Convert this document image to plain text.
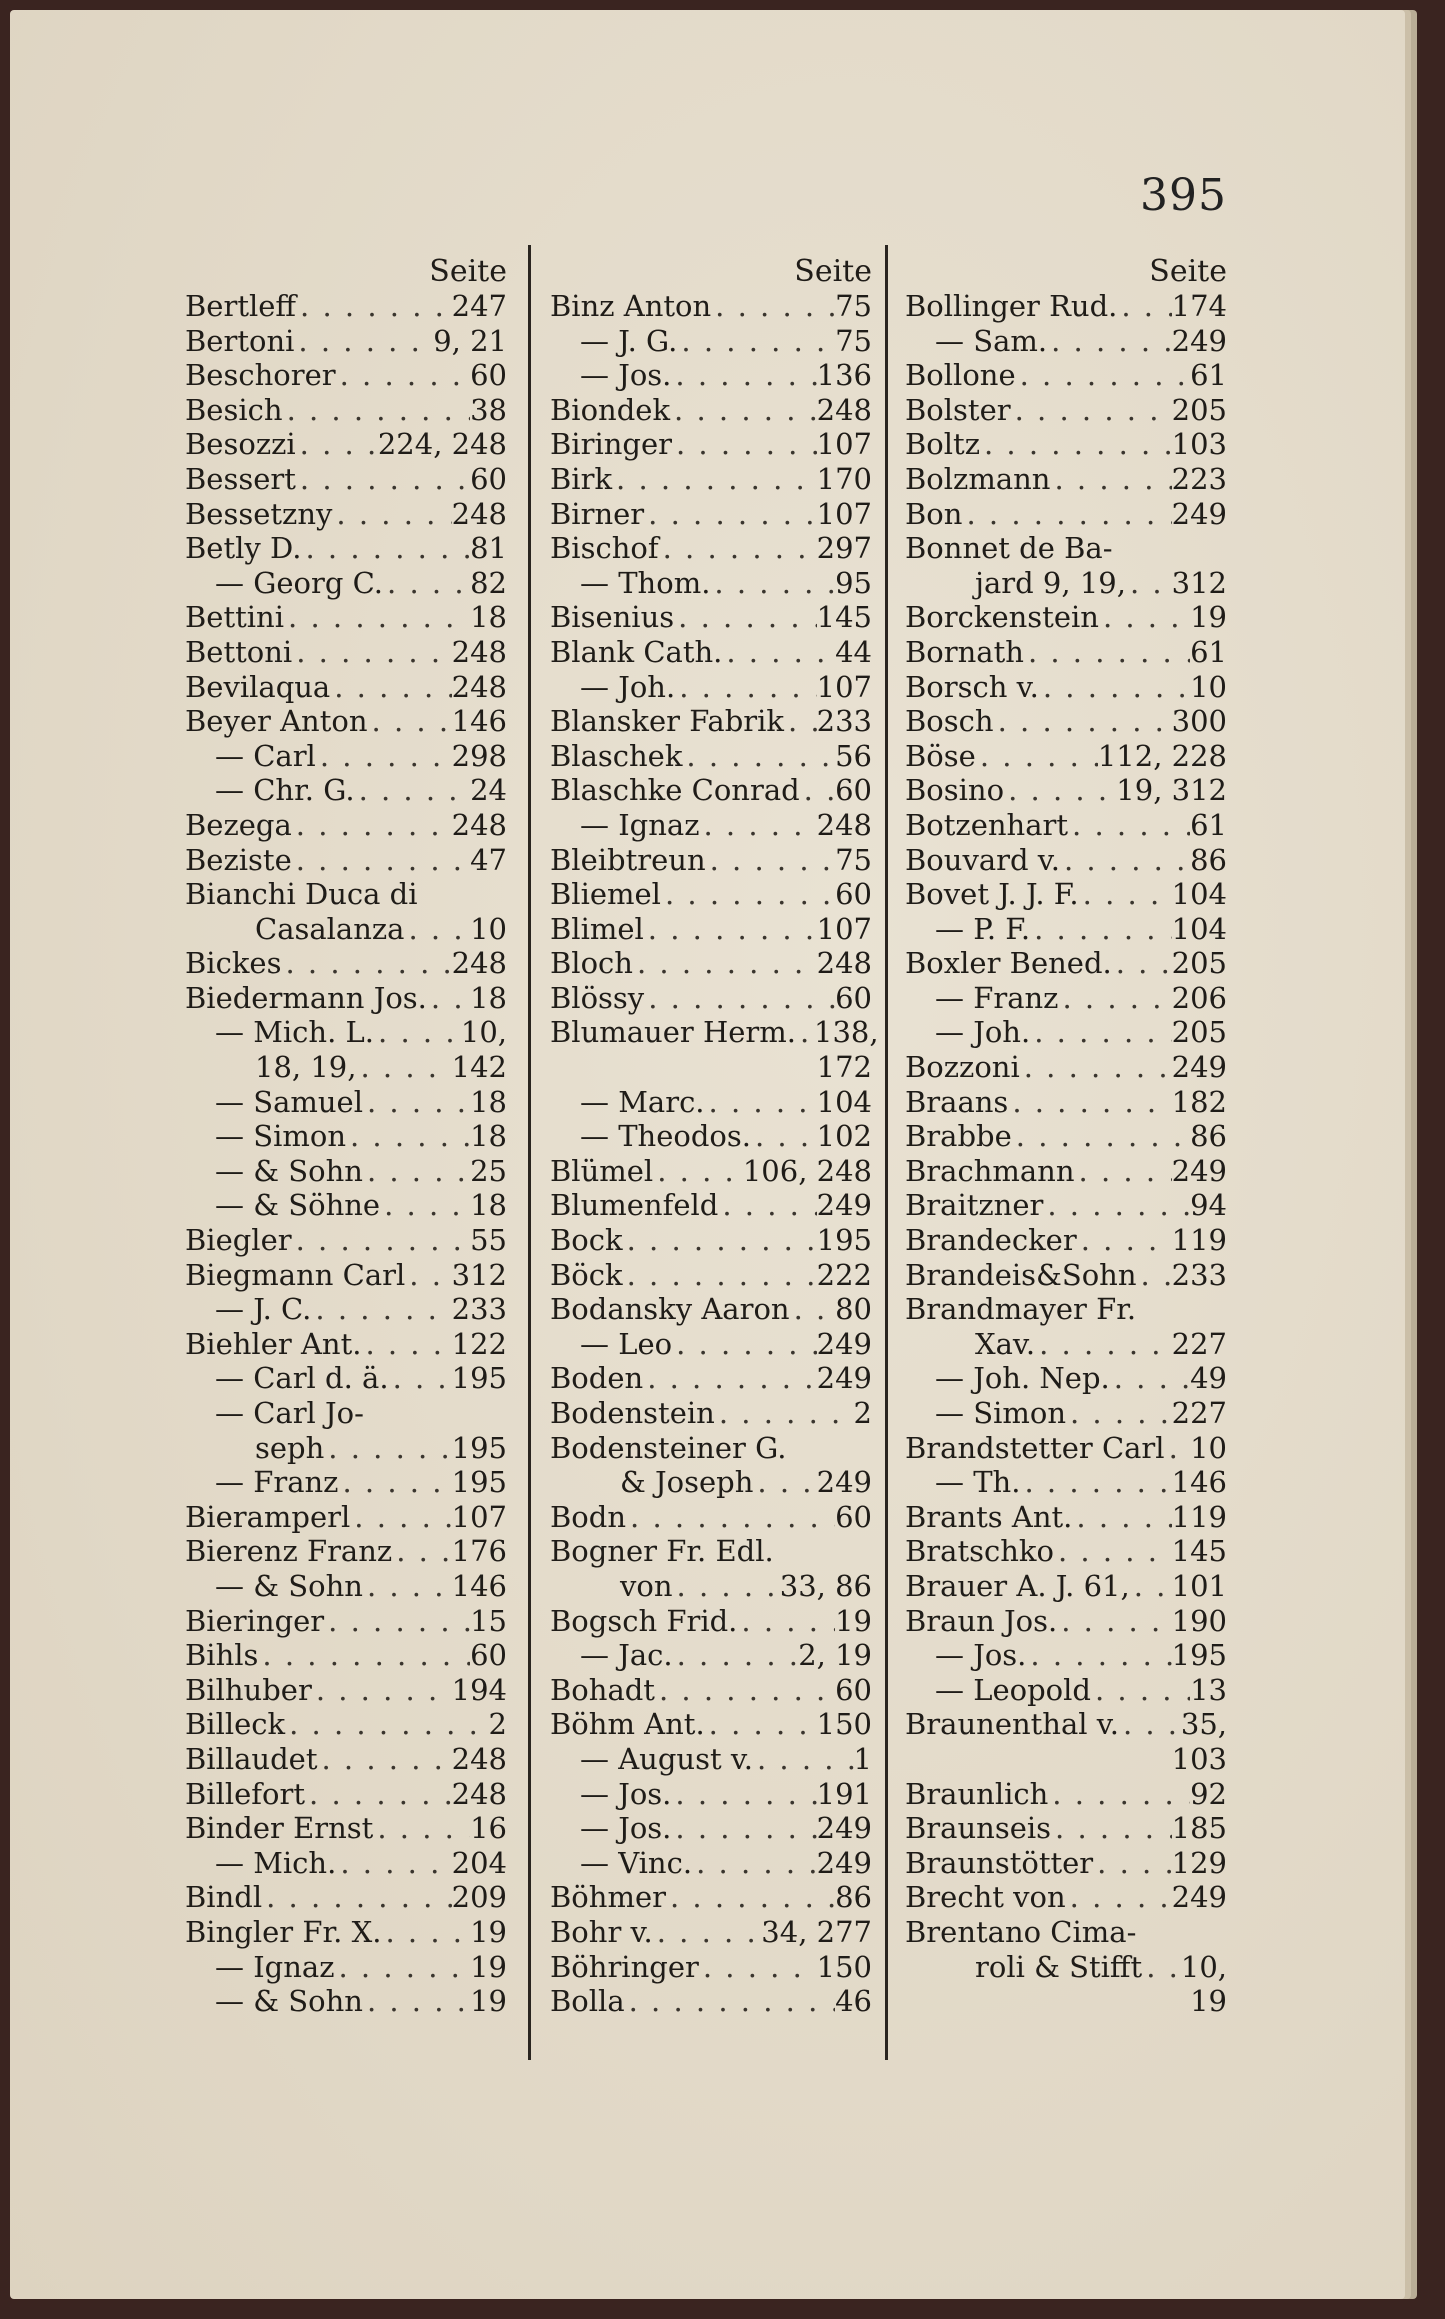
395
Seite
Bertleff . . .	247
Bertoni . . .	9, 21
Beschorer . . .	60
Besich . . .	38
Besozzi . . .	224, 248
Bessert . . .	60
Bessetzny . . .	248
Betly D. . . .	81
— Georg C. . . .	82
Bettini . . .	18
Bettoni . . .	248
Bevilaqua . . .	248
Beyer Anton . . .	146
— Carl . . .	298
— Chr. G. . . .	24
Bezega . . .	248
Beziste . . .	47
Bianchi Duca di
Casalanza . . . 10
Bickes . . .	248
Biedermann Jos. . . . 18
— Mich. L. . . .	10,
18, 19, . . .	142
— Samuel . . .	18
— Simon . . .	18
— & Sohn . . .	25
— & Söhne . . .	18
Biegler . . .	55
Biegmann Carl . . . 312
— J. C. . . .	233
Biehler Ant. . . .	122
— Carl d. ä. . . . 195
— Carl Jo-
seph . . .	195
— Franz . . .	195
Bieramperl . . .	107
Bierenz Franz . . . 176
— & Sohn . . .	146
Bieringer . . .	15
Bihls . . .	60
Bilhuber . . .	194
Billeck . . .	2
Billaudet . . .	248
Billefort . . .	248
Binder Ernst . . .	16
— Mich. . . .	204
Bindl . . .	209
Bingler Fr. X. . . .	19
— Ignaz . . .	19
— & Sohn . . .	19
Seite
Binz Anton . . .	75
— J. G. . . .	75
— Jos. . . .	136
Biondek . . .	248
Biringer . . .	107
Birk . . .	170
Birner . . .	107
Bischof . . .	297
— Thom. . . .	95
Bisenius . . .	145
Blank Cath. . . .	44
— Joh. . . .	107
Blansker Fabrik . . . 233
Blaschek . . .	56
Blaschke Conrad . . . 60
— Ignaz . . .	248
Bleibtreun . . .	75
Bliemel . . .	60
Blimel . . .	107
Bloch . . .	248
Blössy . . .	60
Blumauer Herm. . . . 138,
172
— Marc. . . .	104
— Theodos. . . . 102
Blümel . . .	106, 248
Blumenfeld . . .	249
Bock . . .	195
Böck . . .	222
Bodansky Aaron . . . 80
— Leo . . .	249
Boden . . .	249
Bodenstein . . .	2
Bodensteiner G.
& Joseph . . . 249
Bodn . . .	60
Bogner Fr. Edl.
von . . .	33, 86
Bogsch Frid. . . .	19
— Jac. . . .	2, 19
Bohadt . . .	60
Böhm Ant. . . .	150
— August v. . . .	1
— Jos. . . .	191
— Jos. . . .	249
— Vinc. . . .	249
Böhmer . . .	86
Bohr v. . . .	34, 277
Böhringer . . .	150
Bolla . . .	46
Seite
Bollinger Rud. . . . 174
— Sam. . . .	249
Bollone . . .	61
Bolster . . .	205
Boltz . . .	103
Bolzmann . . .	223
Bon . . .	249
Bonnet de Ba-
jard 9, 19, . . . 312
Borckenstein . . .	19
Bornath . . .	61
Borsch v. . . .	10
Bosch . . .	300
Böse . . .	112, 228
Bosino . . .	19, 312
Botzenhart . . .	61
Bouvard v. . . .	86
Bovet J. J. F. . . .	104
— P. F. . . .	104
Boxler Bened. . . . 205
— Franz . . .	206
— Joh. . . .	205
Bozzoni . . .	249
Braans . . .	182
Brabbe . . .	86
Brachmann . . .	249
Braitzner . . .	94
Brandecker . . .	119
Brandeis&Sohn . . . 233
Brandmayer Fr.
Xav. . . .	227
— Joh. Nep. . . .	49
— Simon . . .	227
Brandstetter Carl . . . 10
— Th. . . .	146
Brants Ant. . . .	119
Bratschko . . .	145
Brauer A. J. 61, . . . 101
Braun Jos. . . .	190
— Jos. . . .	195
— Leopold . . .	13
Braunenthal v. . . . 35,
103
Braunlich . . .	92
Braunseis . . .	185
Braunstötter . . .	129
Brecht von . . .	249
Brentano Cima-
roli & Stifft . . . 10,
19
